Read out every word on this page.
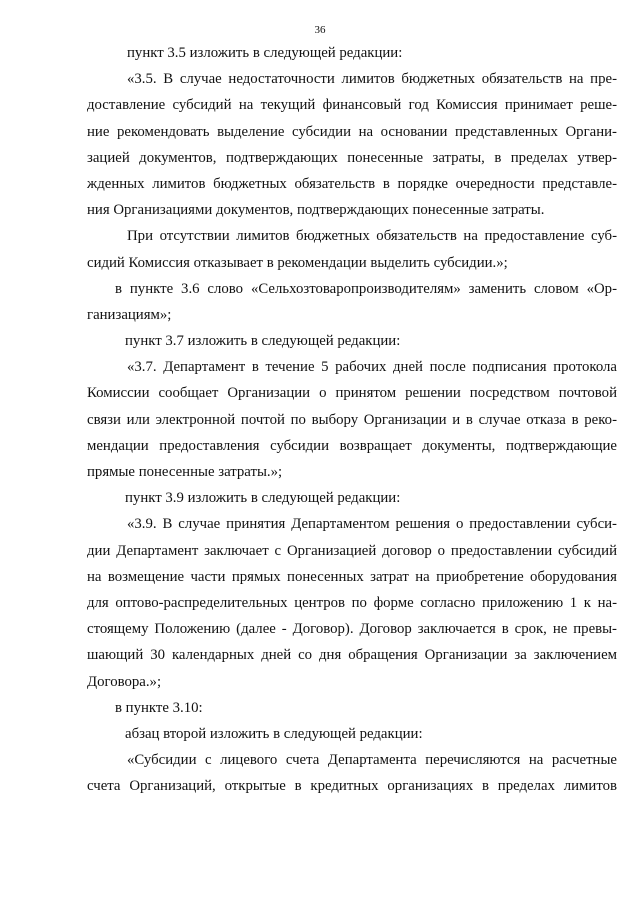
36
пункт 3.5 изложить в следующей редакции:
«3.5. В случае недостаточности лимитов бюджетных обязательств на пре-
доставление субсидий на текущий финансовый год Комиссия принимает реше-
ние рекомендовать выделение субсидии на основании представленных Органи-
зацией документов, подтверждающих понесенные затраты, в пределах утвер-
жденных лимитов бюджетных обязательств в порядке очередности представле-
ния Организациями документов, подтверждающих понесенные затраты.
При отсутствии лимитов бюджетных обязательств на предоставление суб-
сидий Комиссия отказывает в рекомендации выделить субсидии.»;
в пункте 3.6 слово «Сельхозтоваропроизводителям» заменить словом «Ор-
ганизациям»;
пункт 3.7 изложить в следующей редакции:
«3.7. Департамент в течение 5 рабочих дней после подписания протокола
Комиссии сообщает Организации о принятом решении посредством почтовой
связи или электронной почтой по выбору Организации и в случае отказа в реко-
мендации предоставления субсидии возвращает документы, подтверждающие
прямые понесенные затраты.»;
пункт 3.9 изложить в следующей редакции:
«3.9. В случае принятия Департаментом решения о предоставлении субси-
дии Департамент заключает с Организацией договор о предоставлении субсидий
на возмещение части прямых понесенных затрат на приобретение оборудования
для оптово-распределительных центров по форме согласно приложению 1 к на-
стоящему Положению (далее - Договор). Договор заключается в срок, не превы-
шающий 30 календарных дней со дня обращения Организации за заключением
Договора.»;
в пункте 3.10:
абзац второй изложить в следующей редакции:
«Субсидии с лицевого счета Департамента перечисляются на расчетные
счета Организаций, открытые в кредитных организациях в пределах лимитов
